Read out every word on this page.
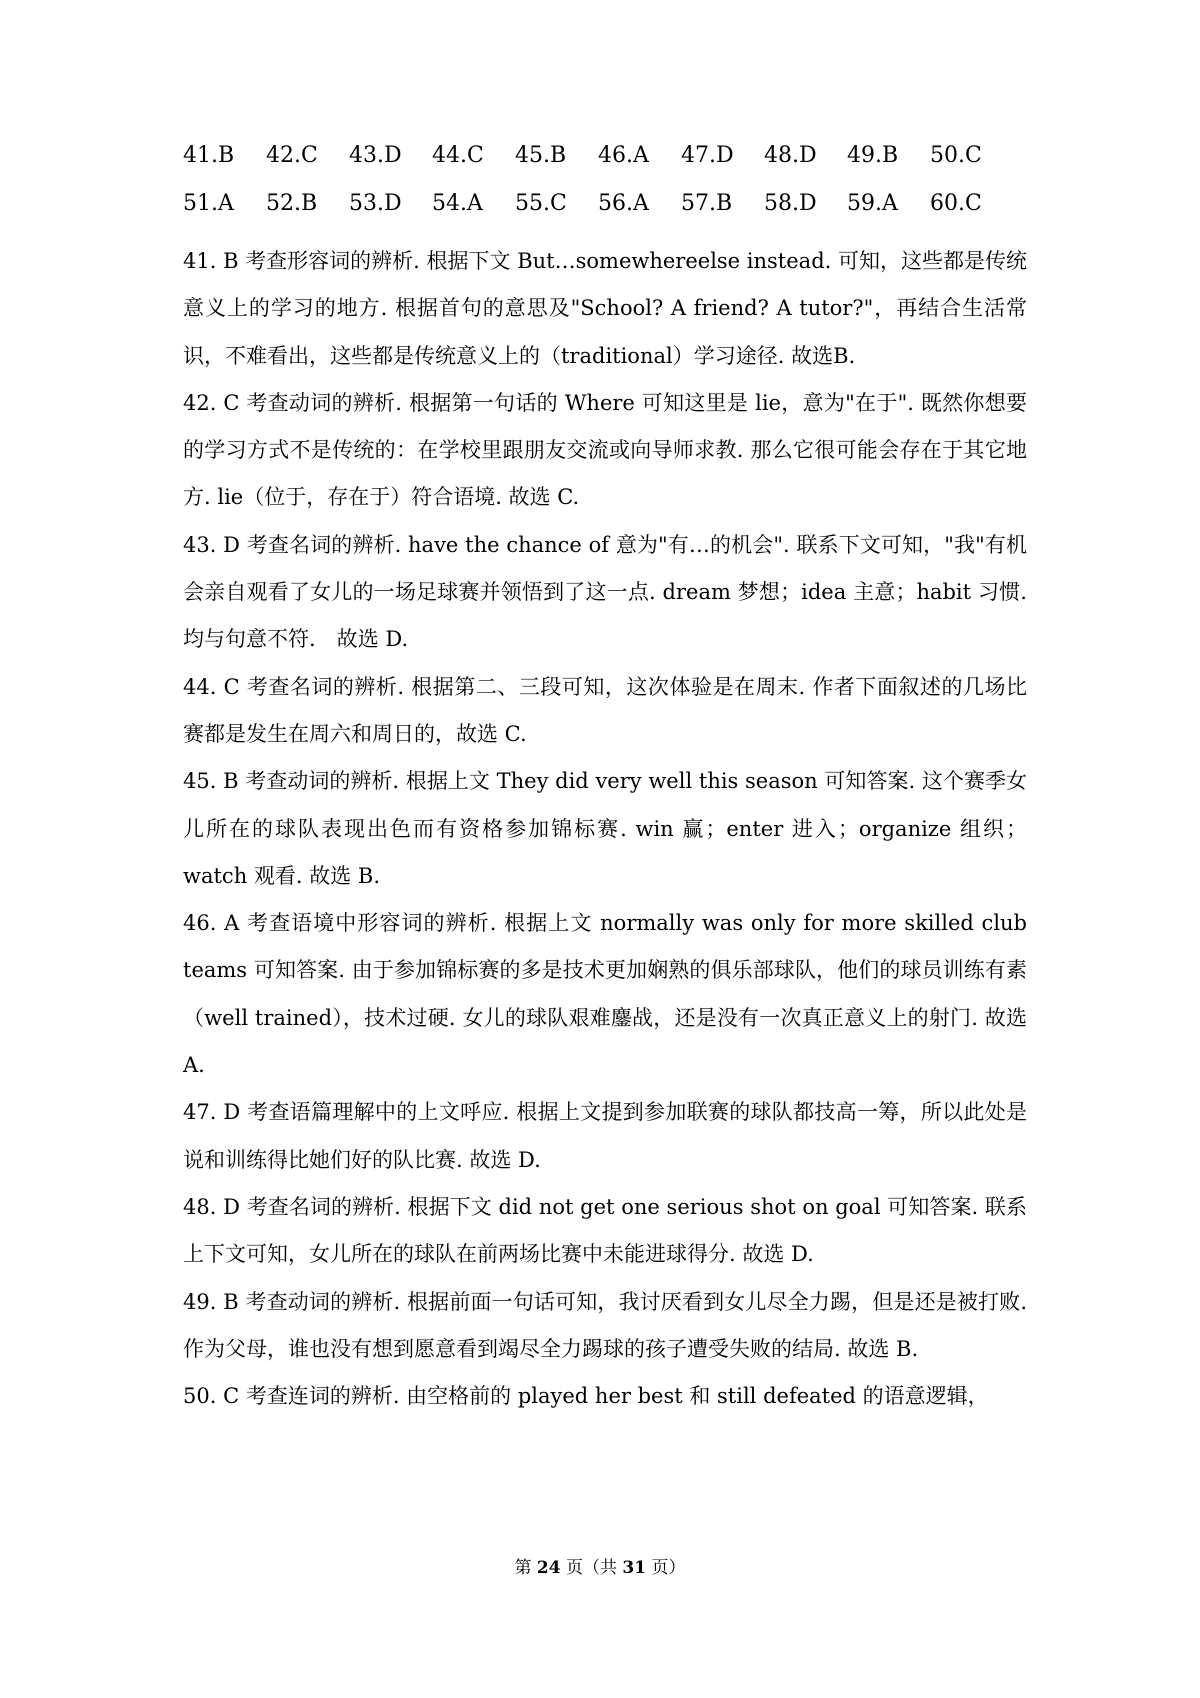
41.B	42.C	43.D	44.C	45.B	46.A	47.D	48.D	49.B	50.C
51.A	52.B	53.D	54.A	55.C	56.A	57.B	58.D	59.A	60.C

41. B 考查形容词的辨析. 根据下文 But…somewhereelse instead. 可知，这些都是传统意义上的学习的地方. 根据首句的意思及"School? A friend? A tutor?"，再结合生活常识，不难看出，这些都是传统意义上的（traditional）学习途径. 故选B.

42. C 考查动词的辨析. 根据第一句话的 Where 可知这里是 lie，意为"在于". 既然你想要的学习方式不是传统的：在学校里跟朋友交流或向导师求教. 那么它很可能会存在于其它地方. lie（位于，存在于）符合语境. 故选 C.

43. D 考查名词的辨析. have the chance of 意为"有…的机会". 联系下文可知，"我"有机会亲自观看了女儿的一场足球赛并领悟到了这一点. dream 梦想；idea 主意；habit 习惯. 均与句意不符.　故选 D.

44. C 考查名词的辨析. 根据第二、三段可知，这次体验是在周末. 作者下面叙述的几场比赛都是发生在周六和周日的，故选 C.

45. B 考查动词的辨析. 根据上文 They did very well this season 可知答案. 这个赛季女儿所在的球队表现出色而有资格参加锦标赛. win 赢；enter 进入；organize 组织；watch 观看. 故选 B.

46. A 考查语境中形容词的辨析. 根据上文 normally was only for more skilled club teams 可知答案. 由于参加锦标赛的多是技术更加娴熟的俱乐部球队，他们的球员训练有素（well trained），技术过硬. 女儿的球队艰难鏖战，还是没有一次真正意义上的射门. 故选 A.

47. D 考查语篇理解中的上文呼应. 根据上文提到参加联赛的球队都技高一筹，所以此处是说和训练得比她们好的队比赛. 故选 D.

48. D 考查名词的辨析. 根据下文 did not get one serious shot on goal 可知答案. 联系上下文可知，女儿所在的球队在前两场比赛中未能进球得分. 故选 D.

49. B 考查动词的辨析. 根据前面一句话可知，我讨厌看到女儿尽全力踢，但是还是被打败. 作为父母，谁也没有想到愿意看到竭尽全力踢球的孩子遭受失败的结局. 故选 B.

50. C 考查连词的辨析. 由空格前的 played her best 和 still defeated 的语意逻辑，

第 24 页（共 31 页）
